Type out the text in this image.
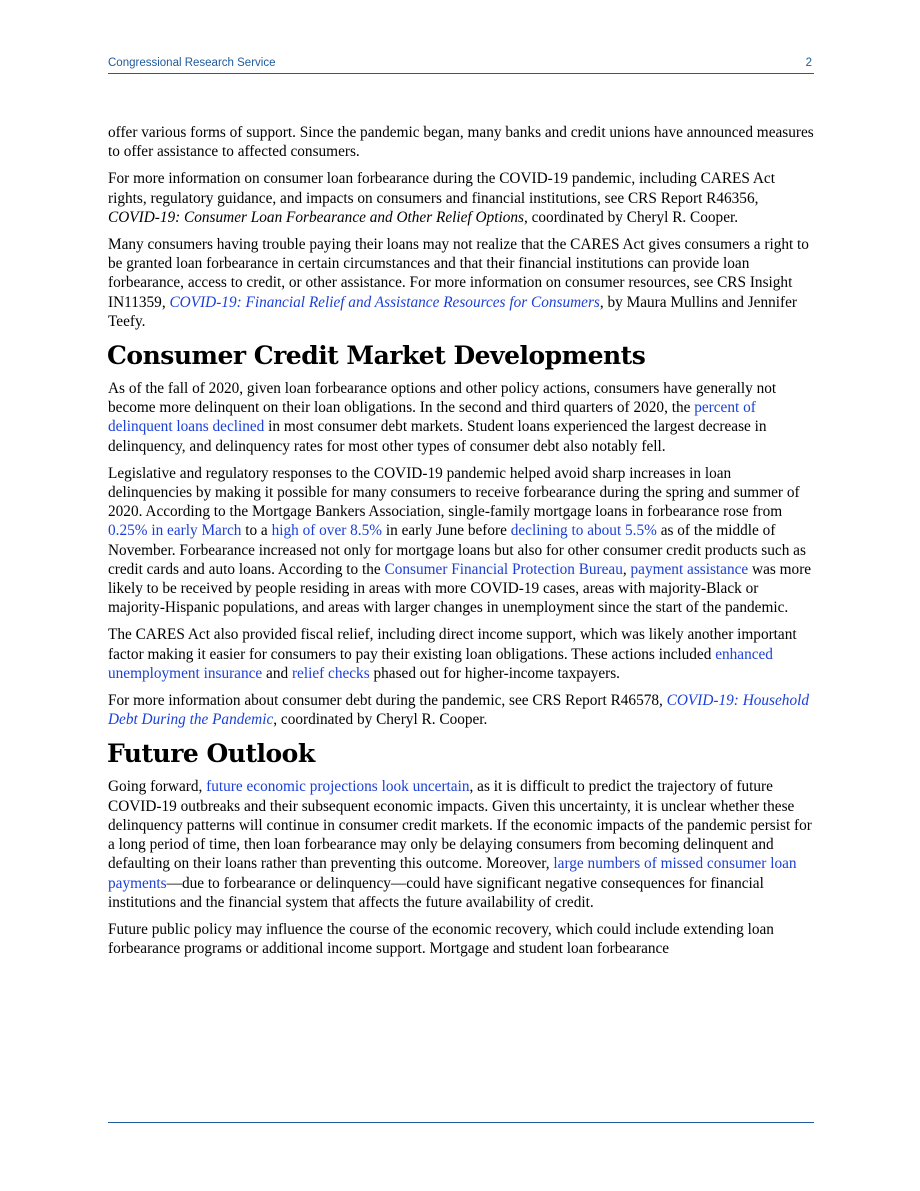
Congressional Research Service	2

offer various forms of support. Since the pandemic began, many banks and credit unions have announced measures to offer assistance to affected consumers.

For more information on consumer loan forbearance during the COVID-19 pandemic, including CARES Act rights, regulatory guidance, and impacts on consumers and financial institutions, see CRS Report R46356, COVID-19: Consumer Loan Forbearance and Other Relief Options, coordinated by Cheryl R. Cooper.

Many consumers having trouble paying their loans may not realize that the CARES Act gives consumers a right to be granted loan forbearance in certain circumstances and that their financial institutions can provide loan forbearance, access to credit, or other assistance. For more information on consumer resources, see CRS Insight IN11359, COVID-19: Financial Relief and Assistance Resources for Consumers, by Maura Mullins and Jennifer Teefy.

Consumer Credit Market Developments

As of the fall of 2020, given loan forbearance options and other policy actions, consumers have generally not become more delinquent on their loan obligations. In the second and third quarters of 2020, the percent of delinquent loans declined in most consumer debt markets. Student loans experienced the largest decrease in delinquency, and delinquency rates for most other types of consumer debt also notably fell.

Legislative and regulatory responses to the COVID-19 pandemic helped avoid sharp increases in loan delinquencies by making it possible for many consumers to receive forbearance during the spring and summer of 2020. According to the Mortgage Bankers Association, single-family mortgage loans in forbearance rose from 0.25% in early March to a high of over 8.5% in early June before declining to about 5.5% as of the middle of November. Forbearance increased not only for mortgage loans but also for other consumer credit products such as credit cards and auto loans. According to the Consumer Financial Protection Bureau, payment assistance was more likely to be received by people residing in areas with more COVID-19 cases, areas with majority-Black or majority-Hispanic populations, and areas with larger changes in unemployment since the start of the pandemic.

The CARES Act also provided fiscal relief, including direct income support, which was likely another important factor making it easier for consumers to pay their existing loan obligations. These actions included enhanced unemployment insurance and relief checks phased out for higher-income taxpayers.

For more information about consumer debt during the pandemic, see CRS Report R46578, COVID-19: Household Debt During the Pandemic, coordinated by Cheryl R. Cooper.

Future Outlook

Going forward, future economic projections look uncertain, as it is difficult to predict the trajectory of future COVID-19 outbreaks and their subsequent economic impacts. Given this uncertainty, it is unclear whether these delinquency patterns will continue in consumer credit markets. If the economic impacts of the pandemic persist for a long period of time, then loan forbearance may only be delaying consumers from becoming delinquent and defaulting on their loans rather than preventing this outcome. Moreover, large numbers of missed consumer loan payments—due to forbearance or delinquency—could have significant negative consequences for financial institutions and the financial system that affects the future availability of credit.

Future public policy may influence the course of the economic recovery, which could include extending loan forbearance programs or additional income support. Mortgage and student loan forbearance
